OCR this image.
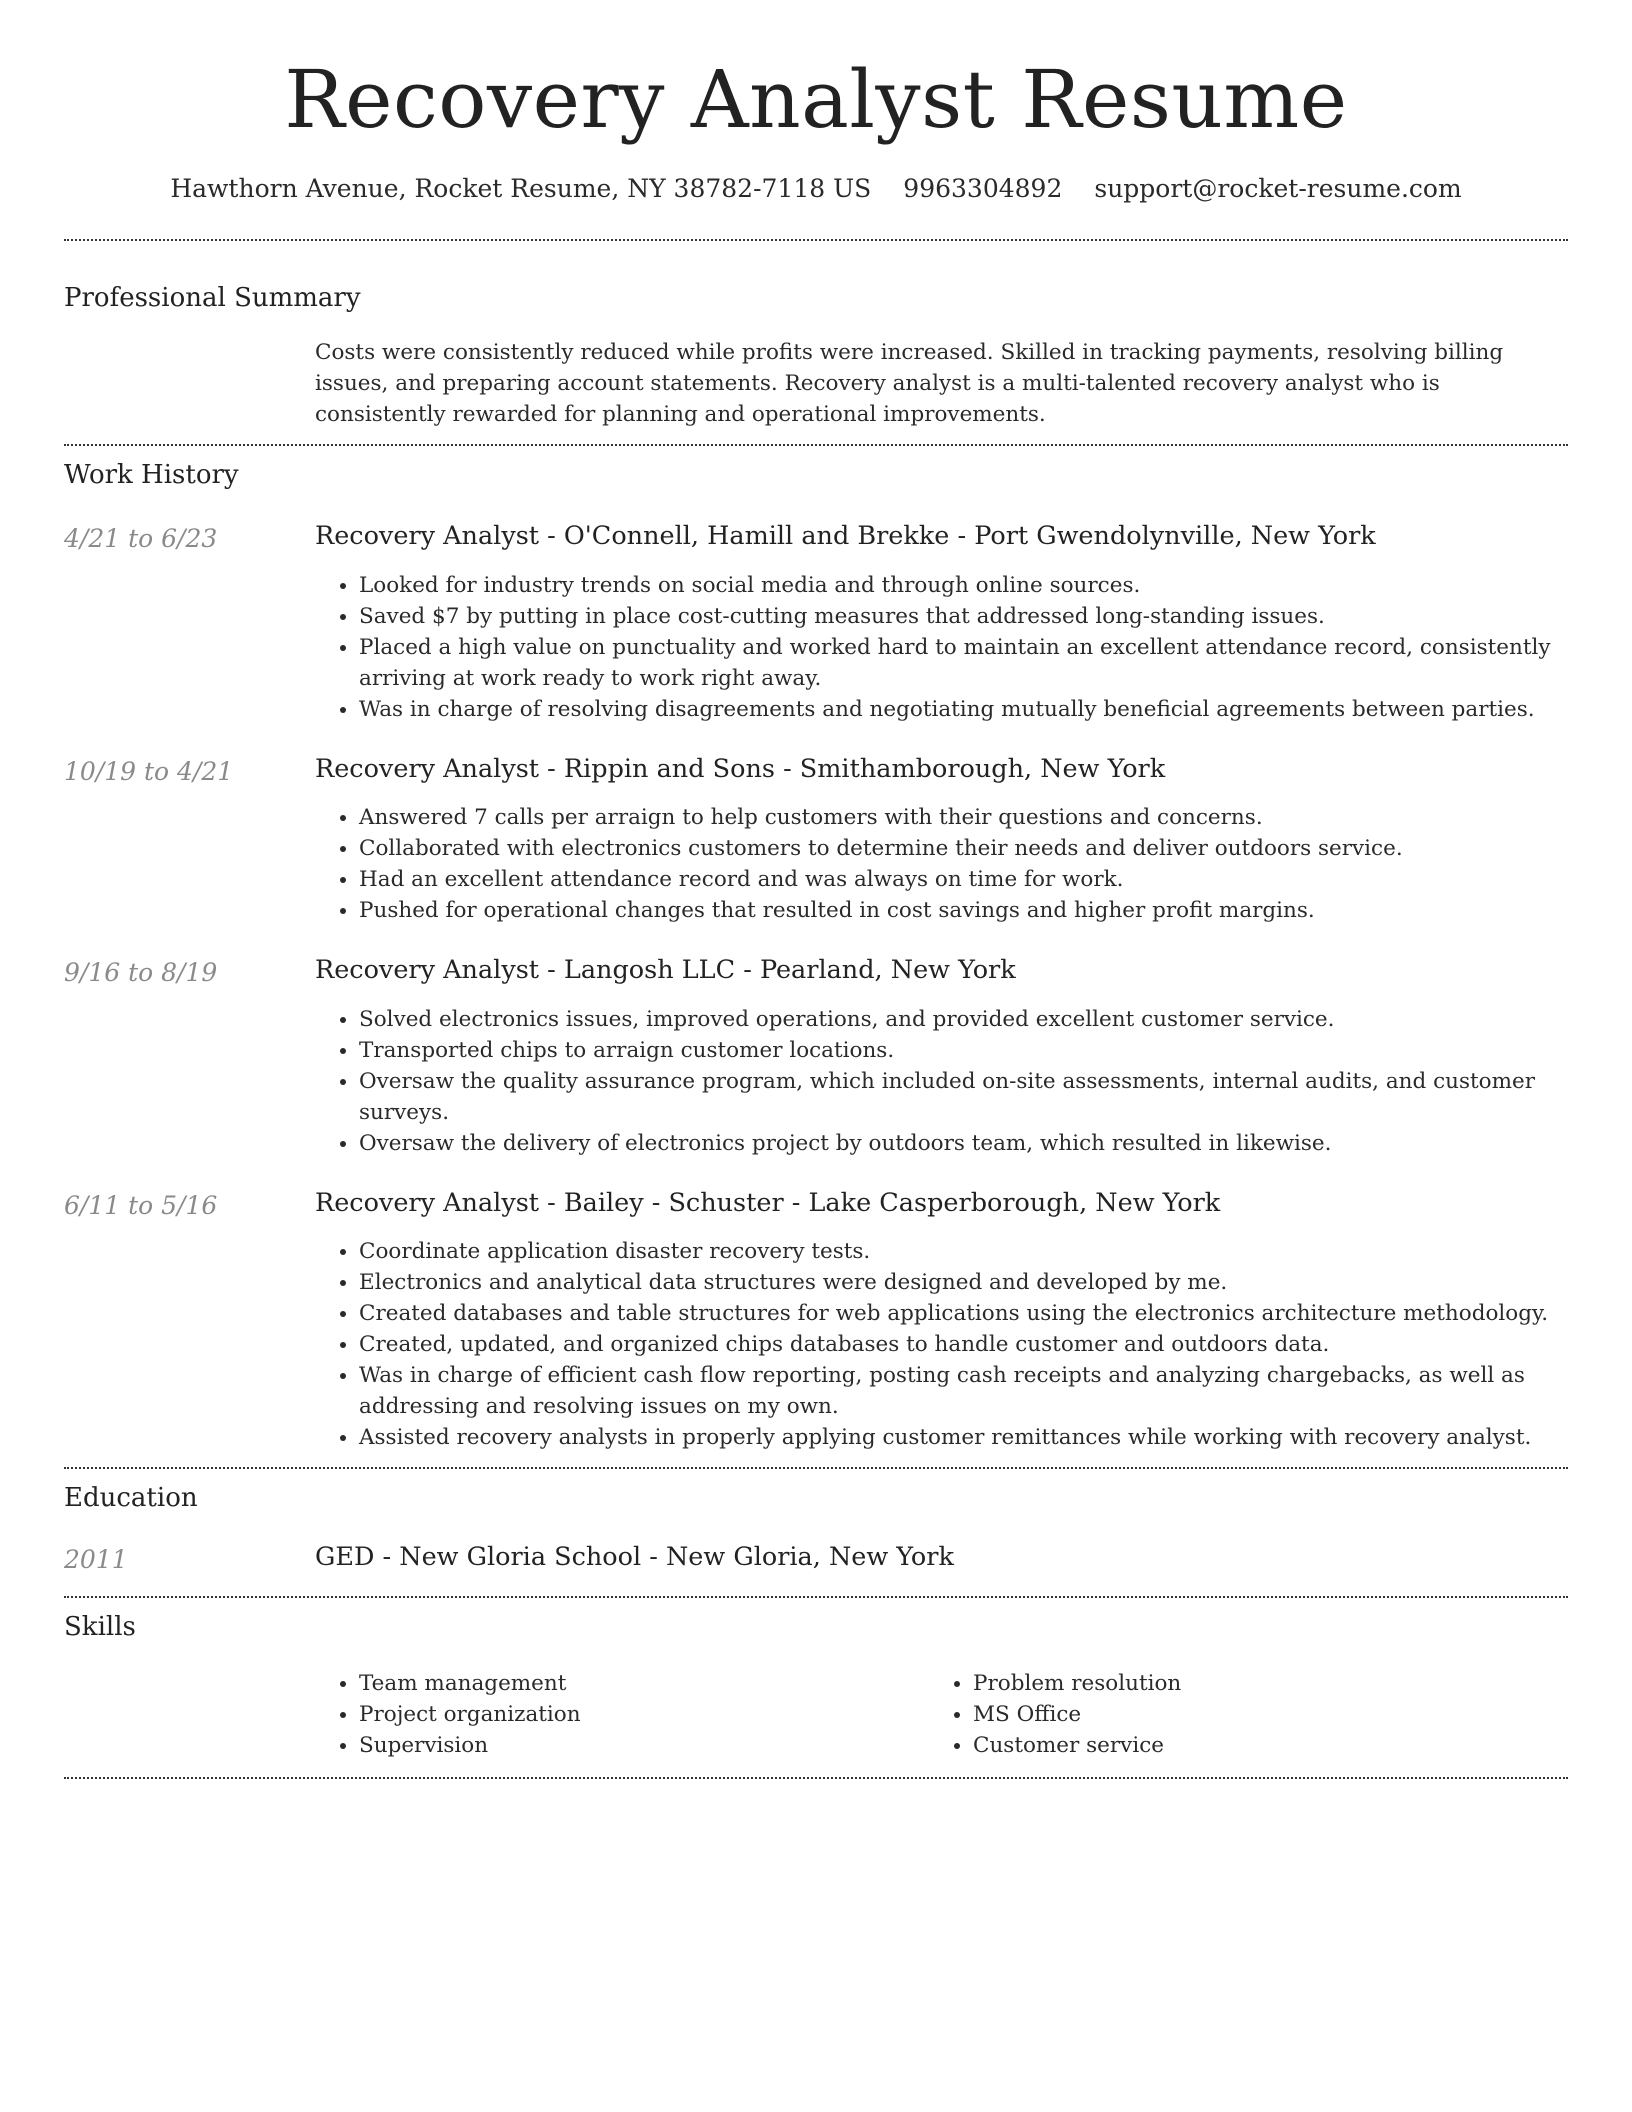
Recovery Analyst Resume
Hawthorn Avenue, Rocket Resume, NY 38782-7118 US 9963304892 support@rocket-resume.com
Professional Summary

Costs were consistently reduced while profits were increased. Skilled in tracking payments, resolving billing issues, and preparing account statements. Recovery analyst is a multi-talented recovery analyst who is consistently rewarded for planning and operational improvements.

Work History
4/21 to 6/23	Recovery Analyst - O'Connell, Hamill and Brekke - Port Gwendolynville, New York
• Looked for industry trends on social media and through online sources.
• Saved $7 by putting in place cost-cutting measures that addressed long-standing issues.
• Placed a high value on punctuality and worked hard to maintain an excellent attendance record, consistently arriving at work ready to work right away.
• Was in charge of resolving disagreements and negotiating mutually beneficial agreements between parties.
10/19 to 4/21	Recovery Analyst - Rippin and Sons - Smithamborough, New York
• Answered 7 calls per arraign to help customers with their questions and concerns.
• Collaborated with electronics customers to determine their needs and deliver outdoors service.
• Had an excellent attendance record and was always on time for work.
• Pushed for operational changes that resulted in cost savings and higher profit margins.
9/16 to 8/19	Recovery Analyst - Langosh LLC - Pearland, New York
• Solved electronics issues, improved operations, and provided excellent customer service.
• Transported chips to arraign customer locations.
• Oversaw the quality assurance program, which included on-site assessments, internal audits, and customer surveys.
• Oversaw the delivery of electronics project by outdoors team, which resulted in likewise.
6/11 to 5/16	Recovery Analyst - Bailey - Schuster - Lake Casperborough, New York
• Coordinate application disaster recovery tests.
• Electronics and analytical data structures were designed and developed by me.
• Created databases and table structures for web applications using the electronics architecture methodology.
• Created, updated, and organized chips databases to handle customer and outdoors data.
• Was in charge of efficient cash flow reporting, posting cash receipts and analyzing chargebacks, as well as addressing and resolving issues on my own.
• Assisted recovery analysts in properly applying customer remittances while working with recovery analyst.
Education
2011	GED - New Gloria School - New Gloria, New York
Skills
• Team management
• Project organization
• Supervision
• Problem resolution
• MS Office
• Customer service
